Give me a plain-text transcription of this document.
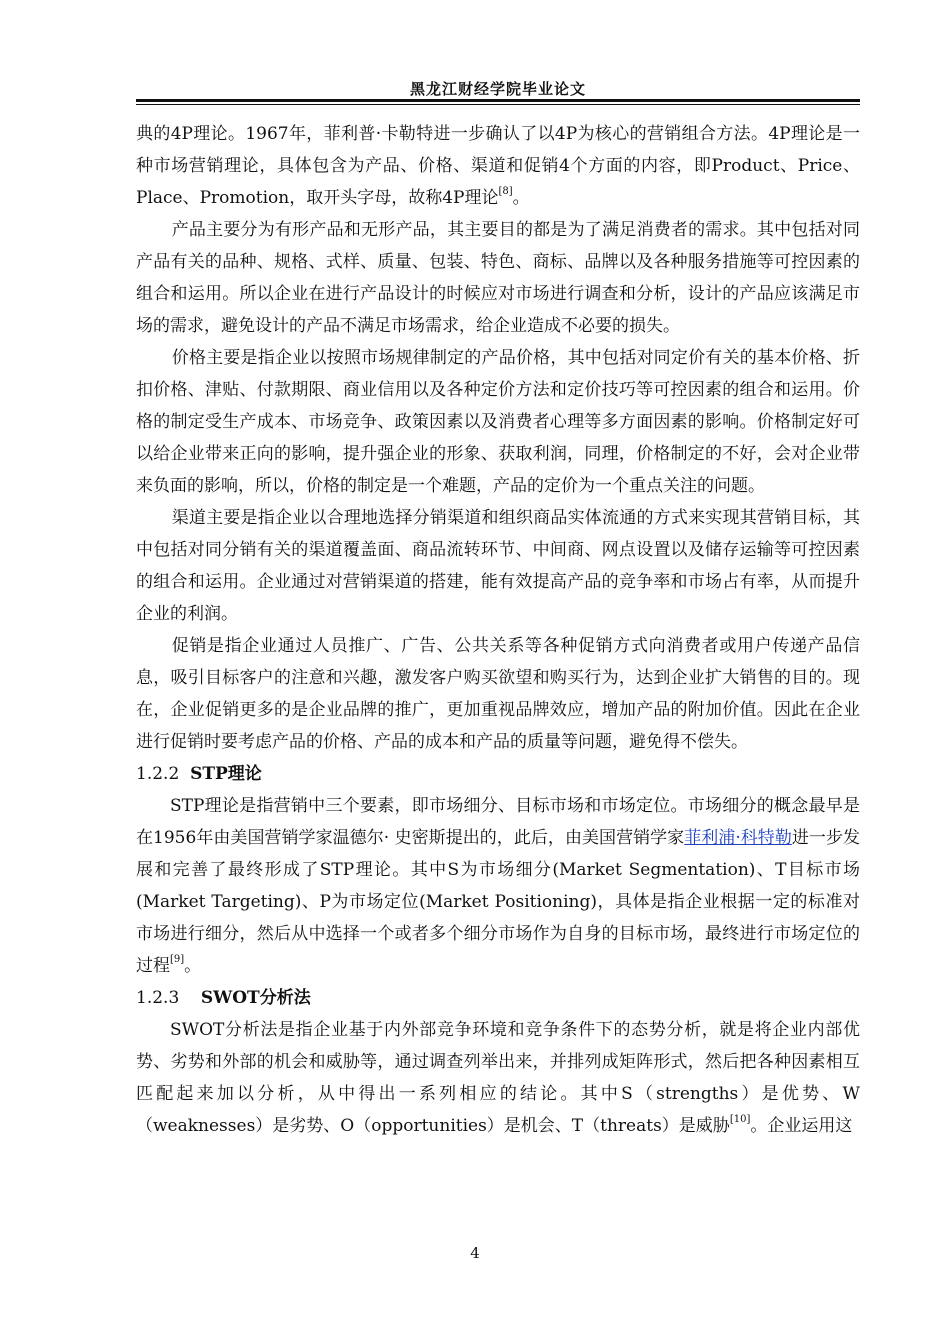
黑龙江财经学院毕业论文

典的4P理论。1967年，菲利普·卡勒特进一步确认了以4P为核心的营销组合方法。4P理论是一种市场营销理论，具体包含为产品、价格、渠道和促销4个方面的内容，即Product、Price、Place、Promotion，取开头字母，故称4P理论[8]。

产品主要分为有形产品和无形产品，其主要目的都是为了满足消费者的需求。其中包括对同产品有关的品种、规格、式样、质量、包装、特色、商标、品牌以及各种服务措施等可控因素的组合和运用。所以企业在进行产品设计的时候应对市场进行调查和分析，设计的产品应该满足市场的需求，避免设计的产品不满足市场需求，给企业造成不必要的损失。

价格主要是指企业以按照市场规律制定的产品价格，其中包括对同定价有关的基本价格、折扣价格、津贴、付款期限、商业信用以及各种定价方法和定价技巧等可控因素的组合和运用。价格的制定受生产成本、市场竞争、政策因素以及消费者心理等多方面因素的影响。价格制定好可以给企业带来正向的影响，提升强企业的形象、获取利润，同理，价格制定的不好，会对企业带来负面的影响，所以，价格的制定是一个难题，产品的定价为一个重点关注的问题。

渠道主要是指企业以合理地选择分销渠道和组织商品实体流通的方式来实现其营销目标，其中包括对同分销有关的渠道覆盖面、商品流转环节、中间商、网点设置以及储存运输等可控因素的组合和运用。企业通过对营销渠道的搭建，能有效提高产品的竞争率和市场占有率，从而提升企业的利润。

促销是指企业通过人员推广、广告、公共关系等各种促销方式向消费者或用户传递产品信息，吸引目标客户的注意和兴趣，激发客户购买欲望和购买行为，达到企业扩大销售的目的。现在，企业促销更多的是企业品牌的推广，更加重视品牌效应，增加产品的附加价值。因此在企业进行促销时要考虑产品的价格、产品的成本和产品的质量等问题，避免得不偿失。

1.2.2  STP理论

STP理论是指营销中三个要素，即市场细分、目标市场和市场定位。市场细分的概念最早是在1956年由美国营销学家温德尔· 史密斯提出的，此后，由美国营销学家菲利浦·科特勒进一步发展和完善了最终形成了STP理论。其中S为市场细分(Market Segmentation)、T目标市场(Market Targeting)、P为市场定位(Market Positioning)，具体是指企业根据一定的标准对市场进行细分，然后从中选择一个或者多个细分市场作为自身的目标市场，最终进行市场定位的过程[9]。

1.2.3    SWOT分析法

SWOT分析法是指企业基于内外部竞争环境和竞争条件下的态势分析，就是将企业内部优势、劣势和外部的机会和威胁等，通过调查列举出来，并排列成矩阵形式，然后把各种因素相互匹配起来加以分析，从中得出一系列相应的结论。其中S（strengths）是优势、W（weaknesses）是劣势、O（opportunities）是机会、T（threats）是威胁[10]。企业运用这

4
